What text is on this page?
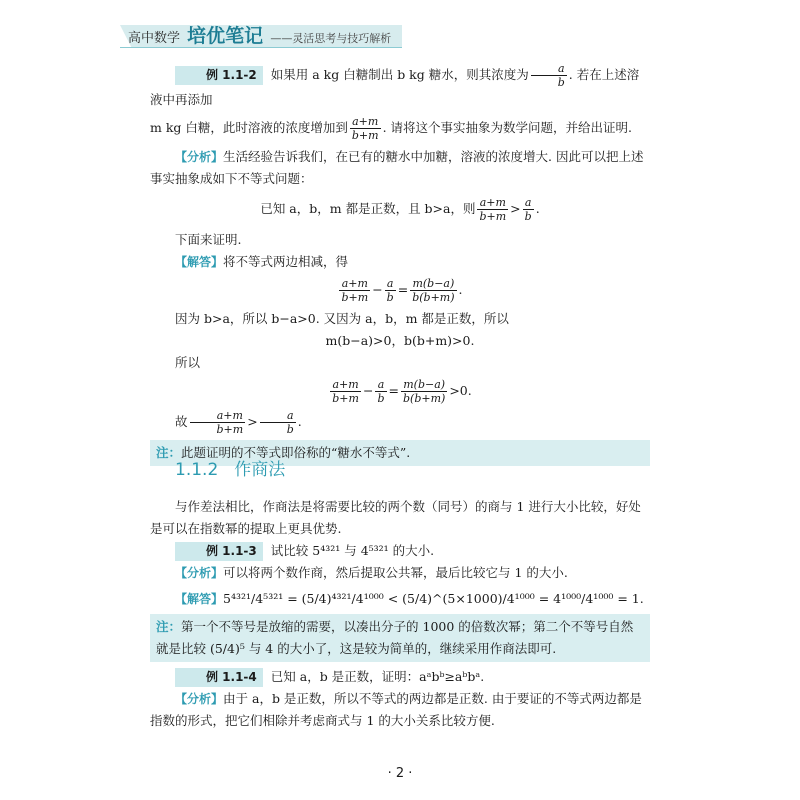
高中数学 培优笔记 ——灵活思考与技巧解析

例 1.1-2 如果用 a kg 白糖制出 b kg 糖水，则其浓度为 $\frac{a}{b}$ . 若在上述溶液中再添加

m kg 白糖，此时溶液的浓度增加到 $\frac{a+m}{b+m}$ . 请将这个事实抽象为数学问题，并给出证明.

【分析】生活经验告诉我们，在已有的糖水中加糖，溶液的浓度增大. 因此可以把上述事实抽象成如下不等式问题：

已知 a，b，m 都是正数，且 b>a，则 $\frac{a+m}{b+m} > \frac{a}{b}$ .

下面来证明.

【解答】将不等式两边相减，得

$\frac{a+m}{b+m} - \frac{a}{b} = \frac{m(b-a)}{b(b+m)}$ .

因为 b>a，所以 b−a>0. 又因为 a，b，m 都是正数，所以

m(b−a)>0，b(b+m)>0.

所以

$\frac{a+m}{b+m} - \frac{a}{b} = \frac{m(b-a)}{b(b+m)} >0$.

故 $\frac{a+m}{b+m} > \frac{a}{b}$ .

注：此题证明的不等式即俗称的“糖水不等式”.
1.1.2 作商法

与作差法相比，作商法是将需要比较的两个数（同号）的商与 1 进行大小比较，好处是可以在指数幂的提取上更具优势.

例 1.1-3 试比较 5⁴³²¹ 与 4⁵³²¹ 的大小.

【分析】可以将两个数作商，然后提取公共幂，最后比较它与 1 的大小.

【解答】5⁴³²¹/4⁵³²¹ = (5/4)⁴³²¹/4¹⁰⁰⁰ < (5/4)^(5×1000)/4¹⁰⁰⁰ = 4¹⁰⁰⁰/4¹⁰⁰⁰ = 1.

注：第一个不等号是放缩的需要，以凑出分子的 1000 的倍数次幂；第二个不等号自然就是比较 (5/4)⁵ 与 4 的大小了，这是较为简单的，继续采用作商法即可.

例 1.1-4 已知 a，b 是正数，证明：aᵃbᵇ≥aᵇbᵃ.

【分析】由于 a，b 是正数，所以不等式的两边都是正数. 由于要证的不等式两边都是指数的形式，把它们相除并考虑商式与 1 的大小关系比较方便.

· 2 ·
